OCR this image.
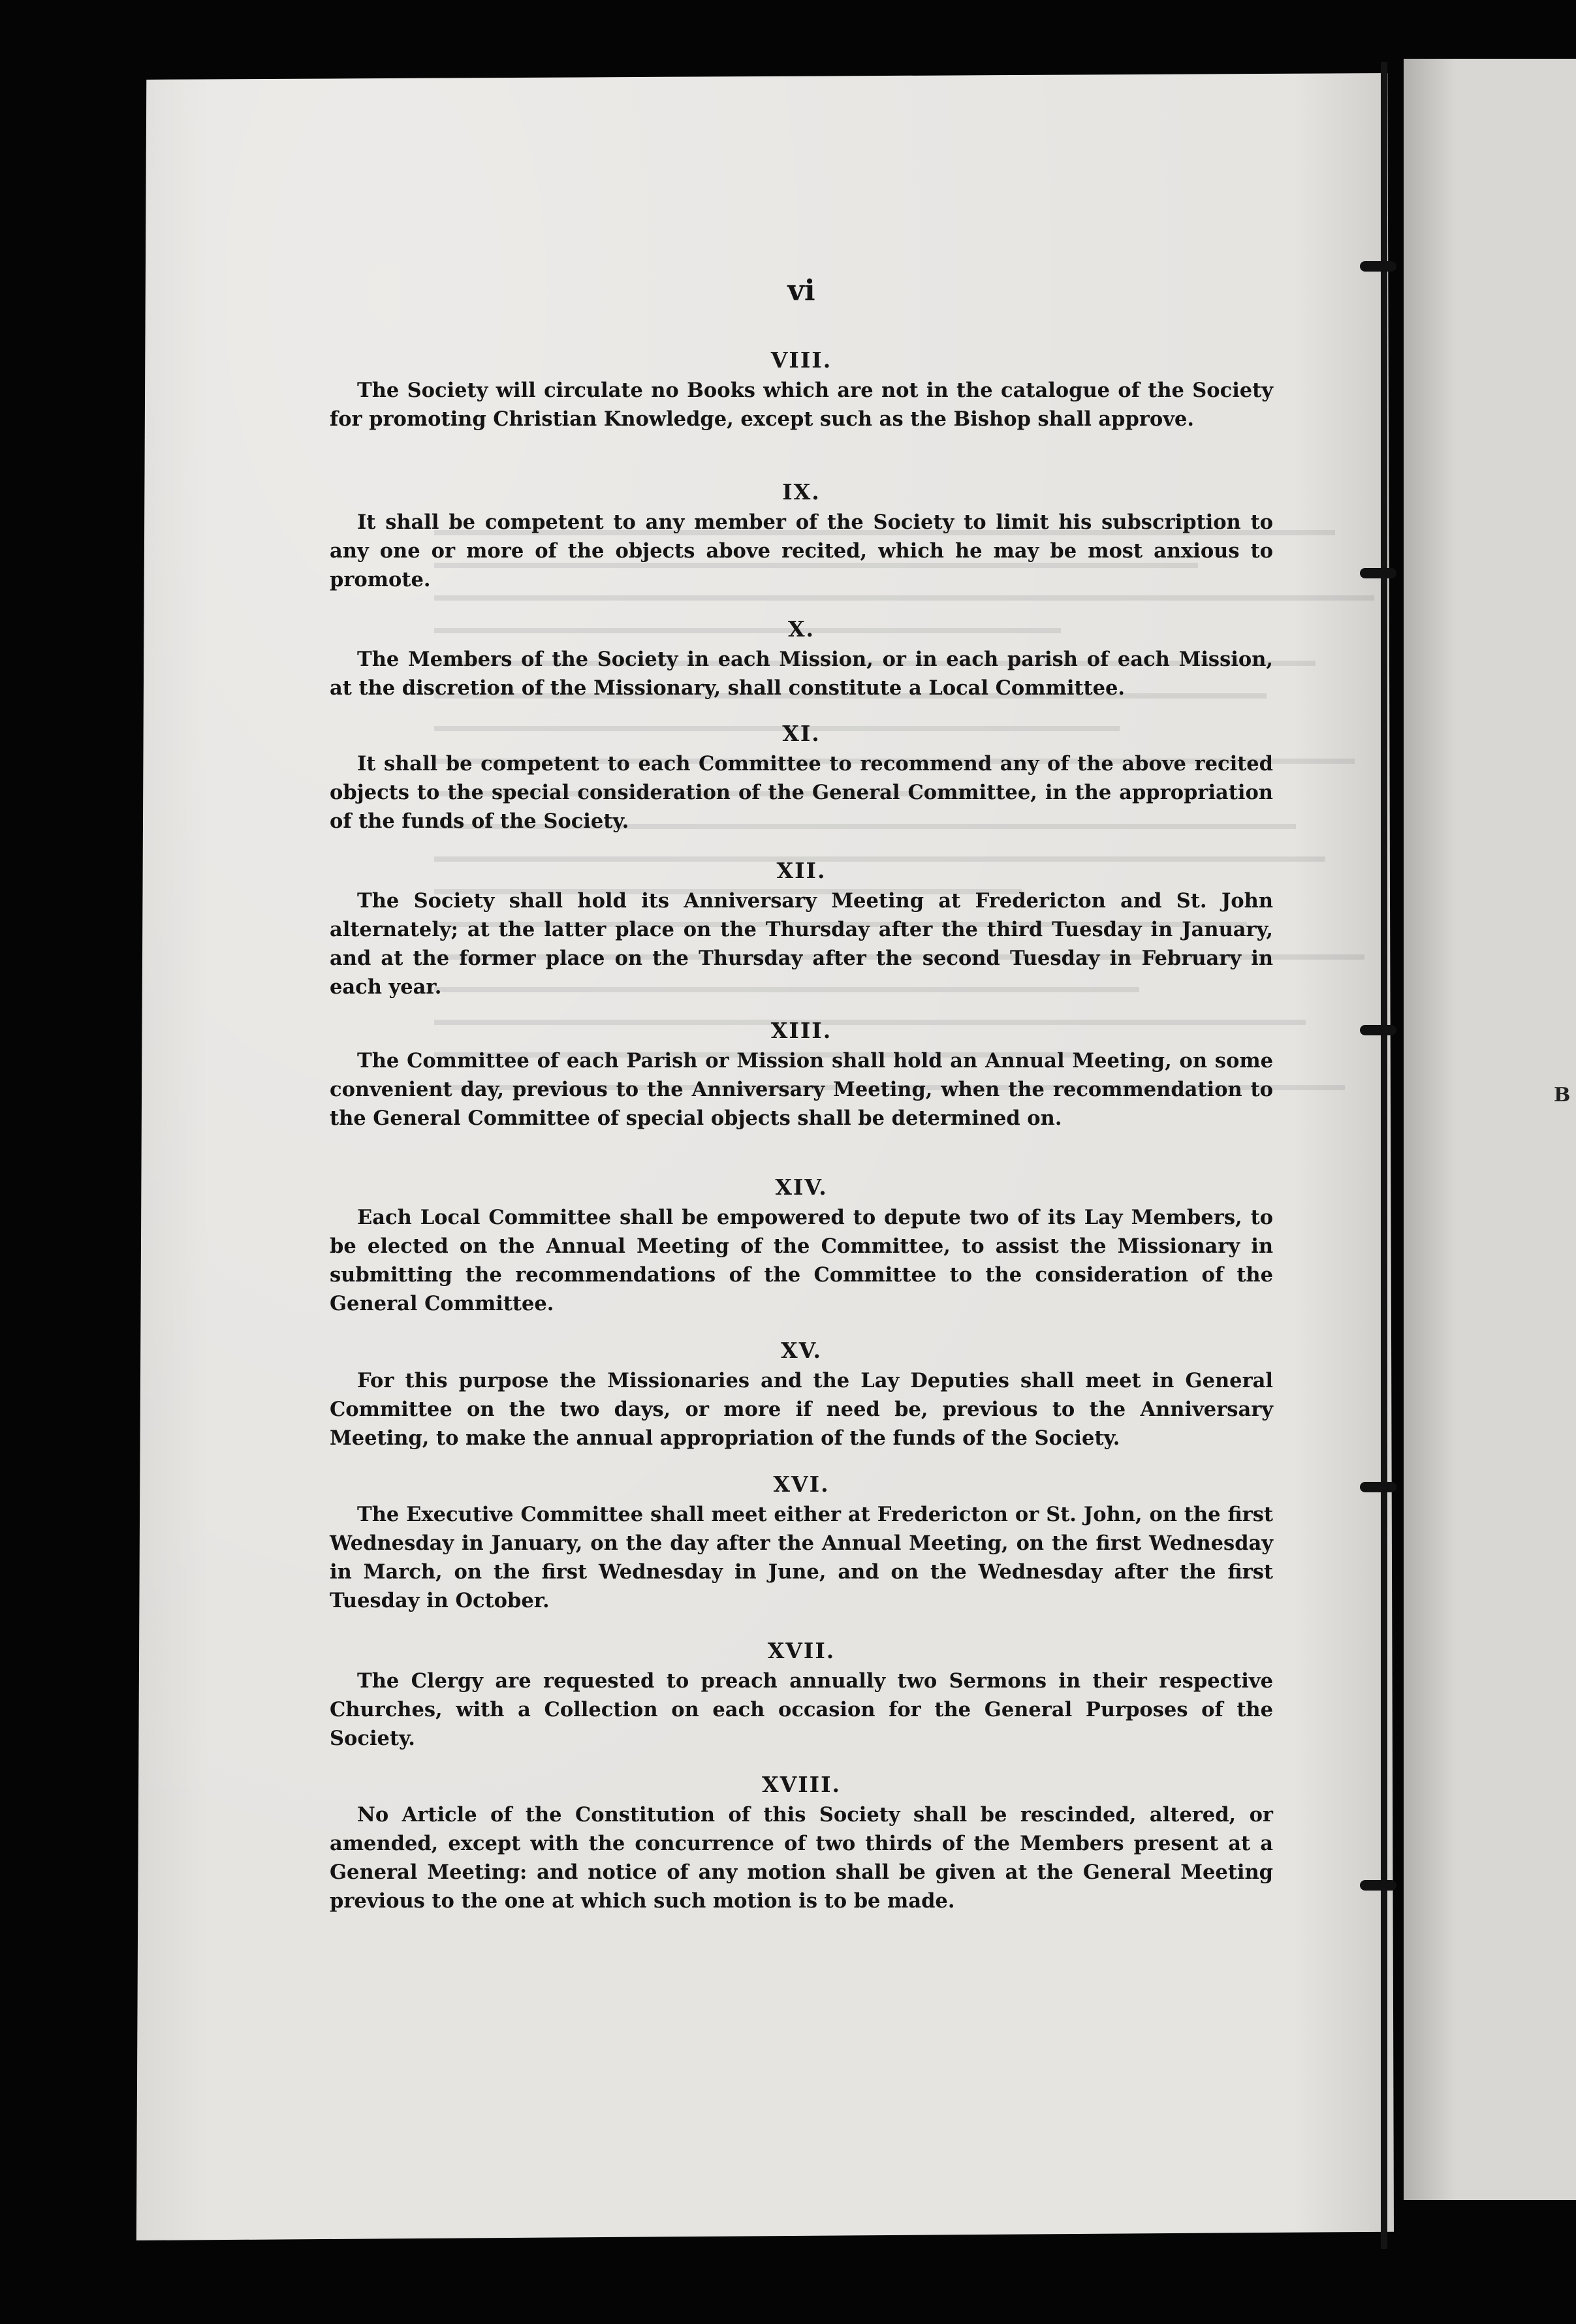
B
vi
VIII.

The Society will circulate no Books which are not in the catalogue of the Society for promoting Christian Knowledge, except such as the Bishop shall approve.

IX.

It shall be competent to any member of the Society to limit his subscription to any one or more of the objects above recited, which he may be most anxious to promote.

X.

The Members of the Society in each Mission, or in each parish of each Mission, at the discretion of the Missionary, shall constitute a Local Committee.

XI.

It shall be competent to each Committee to recommend any of the above recited objects to the special consideration of the General Committee, in the appropriation of the funds of the Society.

XII.

The Society shall hold its Anniversary Meeting at Fredericton and St. John alternately; at the latter place on the Thursday after the third Tuesday in January, and at the former place on the Thursday after the second Tuesday in February in each year.

XIII.

The Committee of each Parish or Mission shall hold an Annual Meeting, on some convenient day, previous to the Anniversary Meeting, when the recommendation to the General Committee of special objects shall be determined on.

XIV.

Each Local Committee shall be empowered to depute two of its Lay Members, to be elected on the Annual Meeting of the Committee, to assist the Missionary in submitting the recommendations of the Committee to the consideration of the General Committee.

XV.

For this purpose the Missionaries and the Lay Deputies shall meet in General Committee on the two days, or more if need be, previous to the Anniversary Meeting, to make the annual appropriation of the funds of the Society.

XVI.

The Executive Committee shall meet either at Fredericton or St. John, on the first Wednesday in January, on the day after the Annual Meeting, on the first Wednesday in March, on the first Wednesday in June, and on the Wednesday after the first Tuesday in October.

XVII.

The Clergy are requested to preach annually two Sermons in their respective Churches, with a Collection on each occasion for the General Purposes of the Society.

XVIII.

No Article of the Constitution of this Society shall be rescinded, altered, or amended, except with the concurrence of two thirds of the Members present at a General Meeting: and notice of any motion shall be given at the General Meeting previous to the one at which such motion is to be made.
